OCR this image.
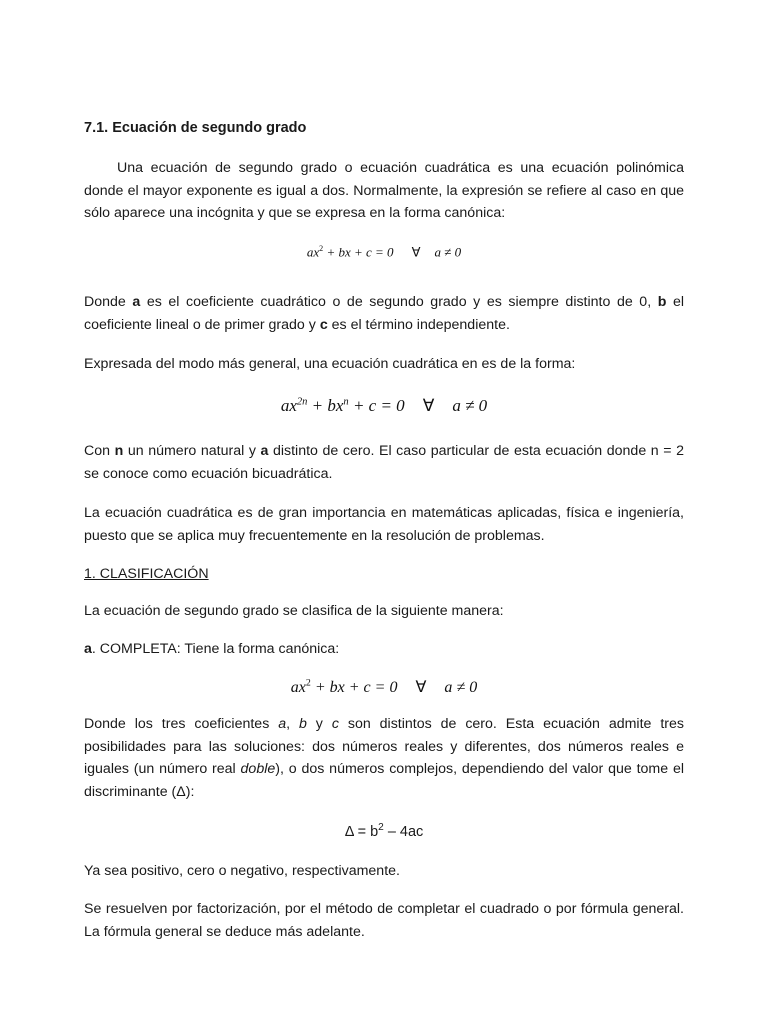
7.1. Ecuación de segundo grado

Una ecuación de segundo grado o ecuación cuadrática es una ecuación polinómica donde el mayor exponente es igual a dos. Normalmente, la expresión se refiere al caso en que sólo aparece una incógnita y que se expresa en la forma canónica:

$ax^2$ + bx + c = 0 ∀ a ≠ 0

Donde a es el coeficiente cuadrático o de segundo grado y es siempre distinto de 0, b el coeficiente lineal o de primer grado y c es el término independiente.

Expresada del modo más general, una ecuación cuadrática en es de la forma:

$ax^{2n} + bx^n + c = 0$ ∀ a ≠ 0

Con n un número natural y a distinto de cero. El caso particular de esta ecuación donde n = 2 se conoce como ecuación bicuadrática.

La ecuación cuadrática es de gran importancia en matemáticas aplicadas, física e ingeniería, puesto que se aplica muy frecuentemente en la resolución de problemas.

1. CLASIFICACIÓN

La ecuación de segundo grado se clasifica de la siguiente manera:

a. COMPLETA: Tiene la forma canónica:

$ax^2$ + bx + c = 0 ∀ a ≠ 0

Donde los tres coeficientes a, b y c son distintos de cero. Esta ecuación admite tres posibilidades para las soluciones: dos números reales y diferentes, dos números reales e iguales (un número real doble), o dos números complejos, dependiendo del valor que tome el discriminante (Δ):

$\Delta = b^2 - 4ac$

Ya sea positivo, cero o negativo, respectivamente.

Se resuelven por factorización, por el método de completar el cuadrado o por fórmula general. La fórmula general se deduce más adelante.
